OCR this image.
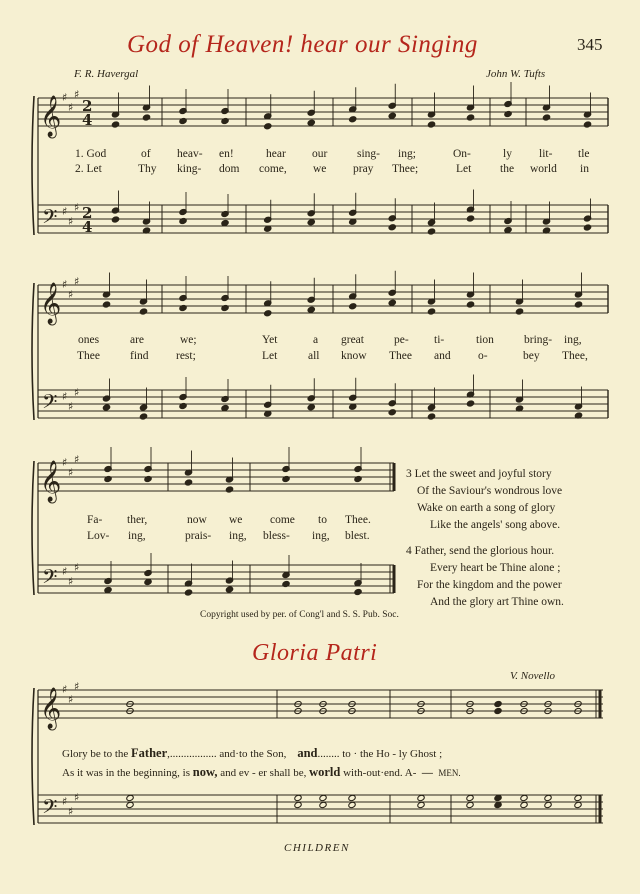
God of Heaven! hear our Singing	345
F. R. Havergal	John W. Tufts
𝄞
𝄢
♯
♯
♯
♯
♯
♯
2
4
2
4
𝄞
𝄢
♯
♯
♯
♯
♯
♯
𝄞
𝄢
♯
♯
♯
♯
♯
♯
𝄞
𝄢
♯
♯
♯
♯
♯
♯
1. God	of heav- en!	hear our	sing- ing;	On-	ly lit- tle
2. Let	Thy king- dom come, we pray Thee;	Let the world in
ones	are	we;	Yet	a great	pe- ti-	tion	bring- ing,
Thee	find rest;	Let	all know Thee and o-	bey Thee,
Fa- ther,	now we come to Thee.
Lov- ing,	prais- ing, bless- ing, blest.
3 Let the sweet and joyful story
Of the Saviour's wondrous love
Wake on earth a song of glory
Like the angels' song above.
4 Father, send the glorious hour.
Every heart be Thine alone ;
For the kingdom and the power
And the glory art Thine own.
Copyright used by per. of Cong'l and S. S. Pub. Soc.
Gloria Patri
V. Novello
Glory be to the Father,................. and·to the Son, and........ to · the Ho - ly Ghost ;
As it was in the beginning, is now, and ev - er shall be, world with-out·end. A- — MEN.
CHILDREN
